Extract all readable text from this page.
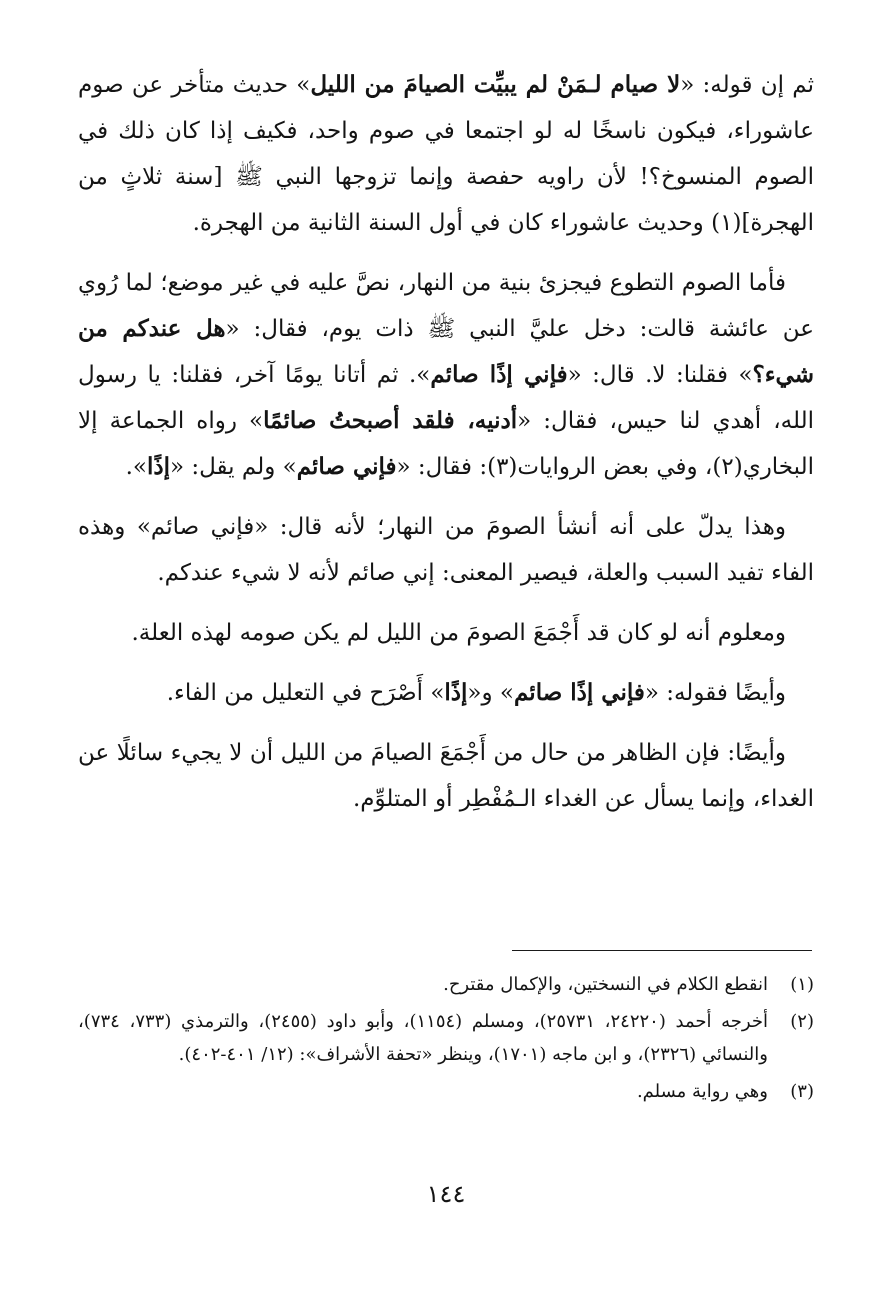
ثم إن قوله: «لا صيام لـمَنْ لم يبيِّت الصيامَ من الليل» حديث متأخر عن صوم عاشوراء، فيكون ناسخًا له لو اجتمعا في صوم واحد، فكيف إذا كان ذلك في الصوم المنسوخ؟! لأن راويه حفصة وإنما تزوجها النبي ﷺ [سنة ثلاثٍ من الهجرة](١) وحديث عاشوراء كان في أول السنة الثانية من الهجرة.

فأما الصوم التطوع فيجزئ بنية من النهار، نصَّ عليه في غير موضع؛ لما رُوي عن عائشة قالت: دخل عليَّ النبي ﷺ ذات يوم، فقال: «هل عندكم من شيء؟» فقلنا: لا. قال: «فإني إذًا صائم». ثم أتانا يومًا آخر، فقلنا: يا رسول الله، أهدي لنا حيس، فقال: «أدنيه، فلقد أصبحتُ صائمًا» رواه الجماعة إلا البخاري(٢)، وفي بعض الروايات(٣): فقال: «فإني صائم» ولم يقل: «إذًا».

وهذا يدلّ على أنه أنشأ الصومَ من النهار؛ لأنه قال: «فإني صائم» وهذه الفاء تفيد السبب والعلة، فيصير المعنى: إني صائم لأنه لا شيء عندكم.

ومعلوم أنه لو كان قد أَجْمَعَ الصومَ من الليل لم يكن صومه لهذه العلة.

وأيضًا فقوله: «فإني إذًا صائم» و«إذًا» أَصْرَح في التعليل من الفاء.

وأيضًا: فإن الظاهر من حال من أَجْمَعَ الصيامَ من الليل أن لا يجيء سائلًا عن الغداء، وإنما يسأل عن الغداء الـمُفْطِر أو المتلوِّم.

(١)
انقطع الكلام في النسختين، والإكمال مقترح.
(٢)
أخرجه أحمد (٢٤٢٢٠، ٢٥٧٣١)، ومسلم (١١٥٤)، وأبو داود (٢٤٥٥)، والترمذي (٧٣٣، ٧٣٤)، والنسائي (٢٣٢٦)، و ابن ماجه (١٧٠١)، وينظر «تحفة الأشراف»: (١٢/ ٤٠١-٤٠٢).
(٣)
وهي رواية مسلم.
١٤٤
